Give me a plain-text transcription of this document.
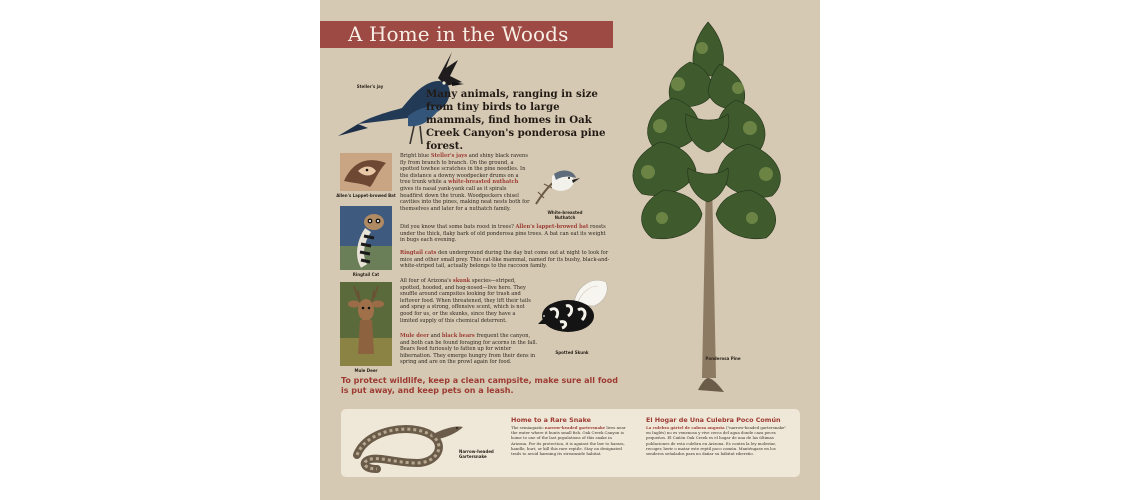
A Home in the Woods
Steller's jay

Many animals, ranging in size from tiny birds to large mammals, find homes in Oak Creek Canyon's ponderosa pine forest.

Allen's Lappet-browed Bat
Ringtail Cat
Mule Deer
White-breasted Nuthatch
Spotted Skunk

Bright blue Steller's jays and shiny black ravens fly from branch to branch. On the ground, a spotted towhee scratches in the pine needles. In the distance a downy woodpecker drums on a tree trunk while a white-breasted nuthatch gives its nasal yank-yank call as it spirals headfirst down the trunk. Woodpeckers chisel cavities into the pines, making neat nests both for themselves and later for a nuthatch family.

Did you know that some bats roost in trees? Allen's lappet-browed bat roosts under the thick, flaky bark of old ponderosa pine trees. A bat can eat its weight in bugs each evening.

Ringtail cats den underground during the day but come out at night to look for mice and other small prey. This cat-like mammal, named for its bushy, black-and-white-striped tail, actually belongs to the raccoon family.

All four of Arizona's skunk species—striped, spotted, hooded, and hog-nosed—live here. They snuffle around campsites looking for trash and leftover food. When threatened, they lift their tails and spray a strong, offensive scent, which is not good for us, or the skunks, since they have a limited supply of this chemical deterrent.

Mule deer and black bears frequent the canyon, and both can be found foraging for acorns in the fall. Bears feed furiously to fatten up for winter hibernation. They emerge hungry from their dens in spring and are on the prowl again for food.

To protect wildlife, keep a clean campsite, make sure all food is put away, and keep pets on a leash.

Ponderosa Pine
Narrow-headed Gartersnake
Home to a Rare Snake

The semiaquatic narrow-headed gartersnake lives near the water where it hunts small fish. Oak Creek Canyon is home to one of the last populations of this snake in Arizona. For its protection, it is against the law to harass, handle, hurt, or kill this rare reptile. Stay on designated trails to avoid harming its streamside habitat.

El Hogar de Una Culebra Poco Común

La culebra gártel de cabeza angosta ("narrow-headed gartersnake" en Inglés) no es venenosa y vive cerca del agua donde caza peces pequeños. El Cañón Oak Creek es el hogar de una de las últimas poblaciones de esta culebra en Arizona. Es contra la ley molestar, recoger, herir o matar este reptil poco común. Manténgase en los senderos señalados para no dañar su hábitat ribereño.
